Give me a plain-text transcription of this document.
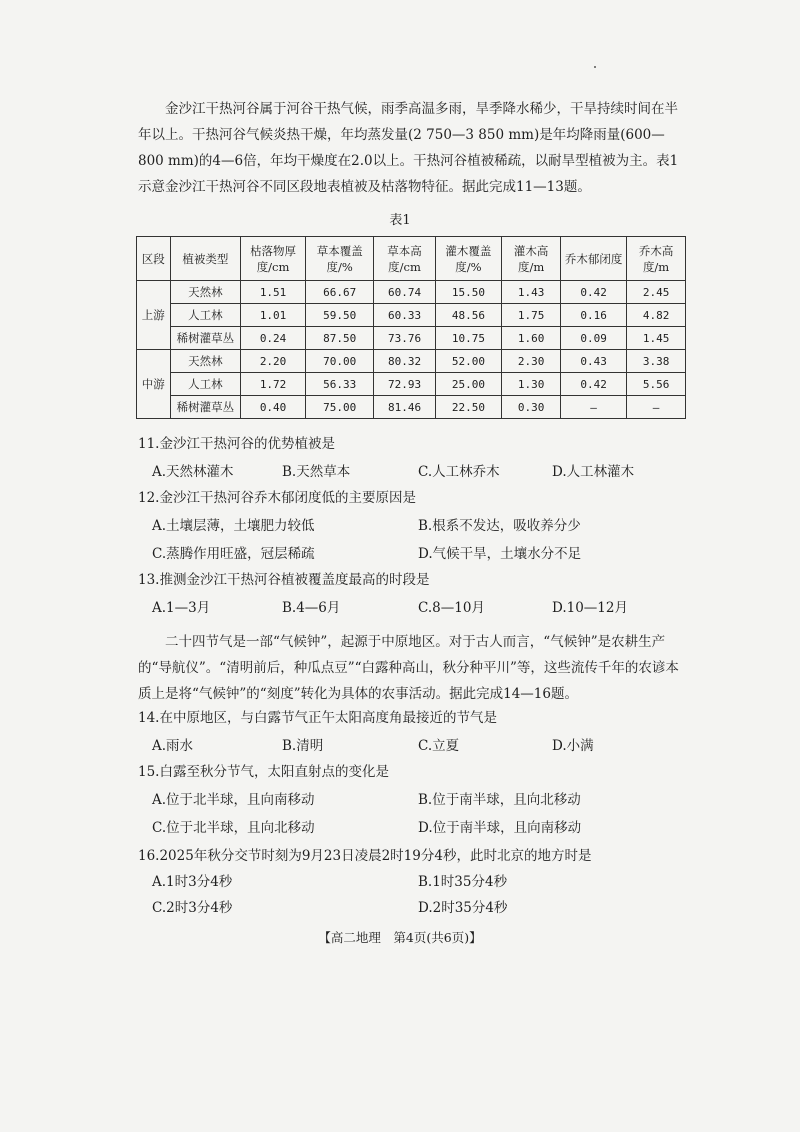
金沙江干热河谷属于河谷干热气候，雨季高温多雨，旱季降水稀少，干旱持续时间在半年以上。干热河谷气候炎热干燥，年均蒸发量(2 750—3 850 mm)是年均降雨量(600—800 mm)的4—6倍，年均干燥度在2.0以上。干热河谷植被稀疏，以耐旱型植被为主。表1示意金沙江干热河谷不同区段地表植被及枯落物特征。据此完成11—13题。

表1

区段	植被类型	枯落物厚度/cm	草本覆盖度/%	草本高度/cm	灌木覆盖度/%	灌木高度/m	乔木郁闭度	乔木高度/m
上游	天然林	1.51	66.67	60.74	15.50	1.43	0.42	2.45
	人工林	1.01	59.50	60.33	48.56	1.75	0.16	4.82
	稀树灌草丛	0.24	87.50	73.76	10.75	1.60	0.09	1.45
中游	天然林	2.20	70.00	80.32	52.00	2.30	0.43	3.38
	人工林	1.72	56.33	72.93	25.00	1.30	0.42	5.56
	稀树灌草丛	0.40	75.00	81.46	22.50	0.30	—	—

11.金沙江干热河谷的优势植被是

A.天然林灌木	B.天然草本	C.人工林乔木	D.人工林灌木

12.金沙江干热河谷乔木郁闭度低的主要原因是

A.土壤层薄，土壤肥力较低	B.根系不发达，吸收养分少

C.蒸腾作用旺盛，冠层稀疏	D.气候干旱，土壤水分不足

13.推测金沙江干热河谷植被覆盖度最高的时段是

A.1—3月	B.4—6月	C.8—10月	D.10—12月

二十四节气是一部“气候钟”，起源于中原地区。对于古人而言，“气候钟”是农耕生产的“导航仪”。“清明前后，种瓜点豆”“白露种高山，秋分种平川”等，这些流传千年的农谚本质上是将“气候钟”的“刻度”转化为具体的农事活动。据此完成14—16题。

14.在中原地区，与白露节气正午太阳高度角最接近的节气是

A.雨水	B.清明	C.立夏	D.小满

15.白露至秋分节气，太阳直射点的变化是

A.位于北半球，且向南移动	B.位于南半球，且向北移动

C.位于北半球，且向北移动	D.位于南半球，且向南移动

16.2025年秋分交节时刻为9月23日凌晨2时19分4秒，此时北京的地方时是

A.1时3分4秒	B.1时35分4秒

C.2时3分4秒	D.2时35分4秒

【高二地理　第4页(共6页)】
